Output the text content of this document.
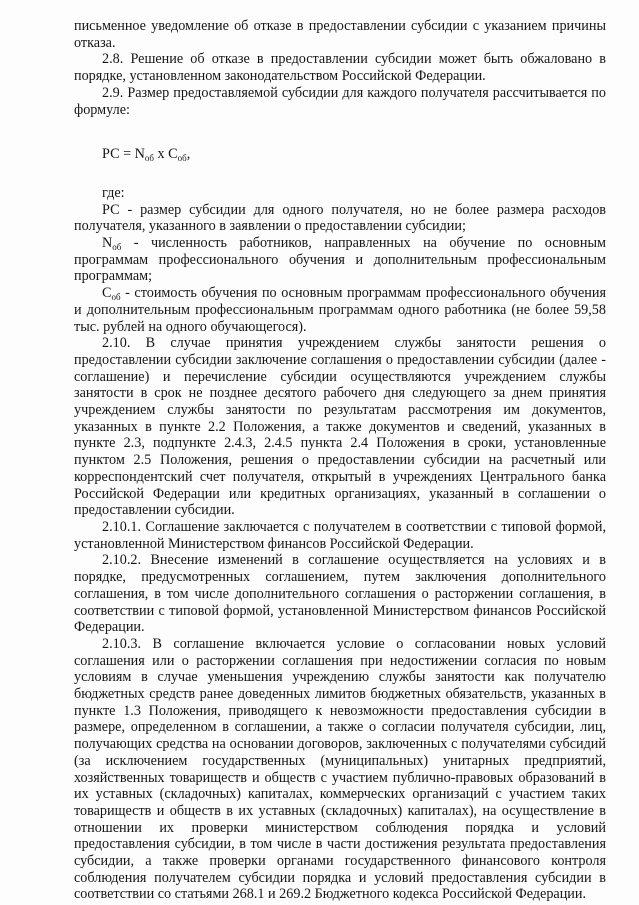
письменное уведомление об отказе в предоставлении субсидии с указанием причины отказа.

2.8. Решение об отказе в предоставлении субсидии может быть обжаловано в порядке, установленном законодательством Российской Федерации.

2.9. Размер предоставляемой субсидии для каждого получателя рассчитывается по формуле:

РС = $N_{об}$ х $С_{об}$,

где:

РС - размер субсидии для одного получателя, но не более размера расходов получателя, указанного в заявлении о предоставлении субсидии;

$N_{об}$ - численность работников, направленных на обучение по основным программам профессионального обучения и дополнительным профессиональным программам;

$С_{об}$ - стоимость обучения по основным программам профессионального обучения и дополнительным профессиональным программам одного работника (не более 59,58 тыс. рублей на одного обучающегося).

2.10. В случае принятия учреждением службы занятости решения о предоставлении субсидии заключение соглашения о предоставлении субсидии (далее - соглашение) и перечисление субсидии осуществляются учреждением службы занятости в срок не позднее десятого рабочего дня следующего за днем принятия учреждением службы занятости по результатам рассмотрения им документов, указанных в пункте 2.2 Положения, а также документов и сведений, указанных в пункте 2.3, подпункте 2.4.3, 2.4.5 пункта 2.4 Положения в сроки, установленные пунктом 2.5 Положения, решения о предоставлении субсидии на расчетный или корреспондентский счет получателя, открытый в учреждениях Центрального банка Российской Федерации или кредитных организациях, указанный в соглашении о предоставлении субсидии.

2.10.1. Соглашение заключается с получателем в соответствии с типовой формой, установленной Министерством финансов Российской Федерации.

2.10.2. Внесение изменений в соглашение осуществляется на условиях и в порядке, предусмотренных соглашением, путем заключения дополнительного соглашения, в том числе дополнительного соглашения о расторжении соглашения, в соответствии с типовой формой, установленной Министерством финансов Российской Федерации.

2.10.3. В соглашение включается условие о согласовании новых условий соглашения или о расторжении соглашения при недостижении согласия по новым условиям в случае уменьшения учреждению службы занятости как получателю бюджетных средств ранее доведенных лимитов бюджетных обязательств, указанных в пункте 1.3 Положения, приводящего к невозможности предоставления субсидии в размере, определенном в соглашении, а также о согласии получателя субсидии, лиц, получающих средства на основании договоров, заключенных с получателями субсидий (за исключением государственных (муниципальных) унитарных предприятий, хозяйственных товариществ и обществ с участием публично-правовых образований в их уставных (складочных) капиталах, коммерческих организаций с участием таких товариществ и обществ в их уставных (складочных) капиталах), на осуществление в отношении их проверки министерством соблюдения порядка и условий предоставления субсидии, в том числе в части достижения результата предоставления субсидии, а также проверки органами государственного финансового контроля соблюдения получателем субсидии порядка и условий предоставления субсидии в соответствии со статьями 268.1 и 269.2 Бюджетного кодекса Российской Федерации.
